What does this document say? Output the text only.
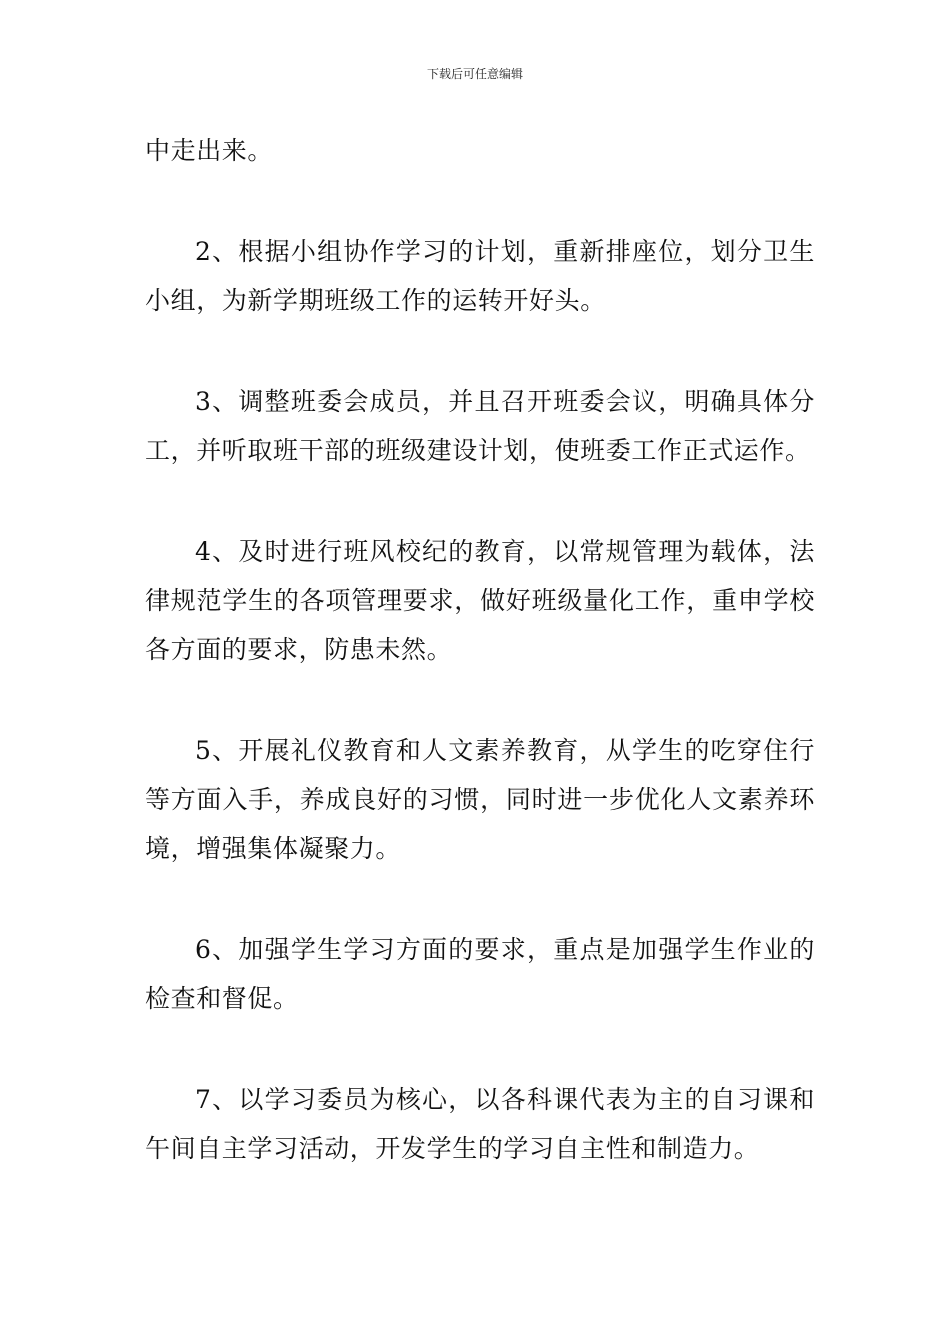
下载后可任意编辑

中走出来。

2、根据小组协作学习的计划，重新排座位，划分卫生小组，为新学期班级工作的运转开好头。

3、调整班委会成员，并且召开班委会议，明确具体分工，并听取班干部的班级建设计划，使班委工作正式运作。

4、及时进行班风校纪的教育，以常规管理为载体，法律规范学生的各项管理要求，做好班级量化工作，重申学校各方面的要求，防患未然。

5、开展礼仪教育和人文素养教育，从学生的吃穿住行等方面入手，养成良好的习惯，同时进一步优化人文素养环境，增强集体凝聚力。

6、加强学生学习方面的要求，重点是加强学生作业的检查和督促。

7、以学习委员为核心，以各科课代表为主的自习课和午间自主学习活动，开发学生的学习自主性和制造力。
